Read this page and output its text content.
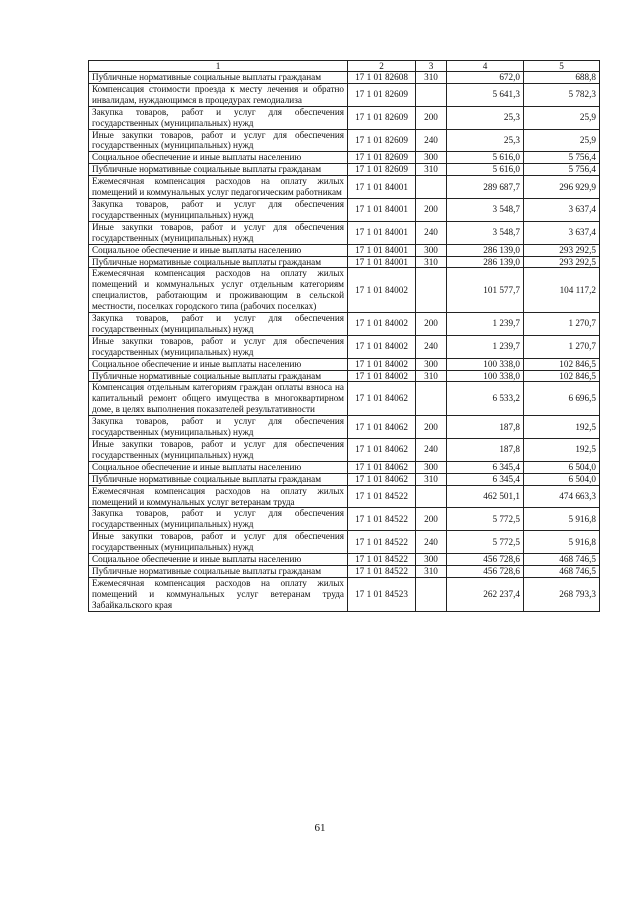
1	2	3	4	5
Публичные нормативные социальные выплаты гражданам	17 1 01 82608	310	672,0	688,8
Компенсация стоимости проезда к месту лечения и обратно инвалидам, нуждающимся в процедурах гемодиализа	17 1 01 82609		5 641,3	5 782,3
Закупка товаров, работ и услуг для обеспечения государственных (муниципальных) нужд	17 1 01 82609	200	25,3	25,9
Иные закупки товаров, работ и услуг для обеспечения государственных (муниципальных) нужд	17 1 01 82609	240	25,3	25,9
Социальное обеспечение и иные выплаты населению	17 1 01 82609	300	5 616,0	5 756,4
Публичные нормативные социальные выплаты гражданам	17 1 01 82609	310	5 616,0	5 756,4
Ежемесячная компенсация расходов на оплату жилых помещений и коммунальных услуг педагогическим работникам	17 1 01 84001		289 687,7	296 929,9
Закупка товаров, работ и услуг для обеспечения государственных (муниципальных) нужд	17 1 01 84001	200	3 548,7	3 637,4
Иные закупки товаров, работ и услуг для обеспечения государственных (муниципальных) нужд	17 1 01 84001	240	3 548,7	3 637,4
Социальное обеспечение и иные выплаты населению	17 1 01 84001	300	286 139,0	293 292,5
Публичные нормативные социальные выплаты гражданам	17 1 01 84001	310	286 139,0	293 292,5
Ежемесячная компенсация расходов на оплату жилых помещений и коммунальных услуг отдельным категориям специалистов, работающим и проживающим в сельской местности, поселках городского типа (рабочих поселках)	17 1 01 84002		101 577,7	104 117,2
Закупка товаров, работ и услуг для обеспечения государственных (муниципальных) нужд	17 1 01 84002	200	1 239,7	1 270,7
Иные закупки товаров, работ и услуг для обеспечения государственных (муниципальных) нужд	17 1 01 84002	240	1 239,7	1 270,7
Социальное обеспечение и иные выплаты населению	17 1 01 84002	300	100 338,0	102 846,5
Публичные нормативные социальные выплаты гражданам	17 1 01 84002	310	100 338,0	102 846,5
Компенсация отдельным категориям граждан оплаты взноса на капитальный ремонт общего имущества в многоквартирном доме, в целях выполнения показателей результативности	17 1 01 84062		6 533,2	6 696,5
Закупка товаров, работ и услуг для обеспечения государственных (муниципальных) нужд	17 1 01 84062	200	187,8	192,5
Иные закупки товаров, работ и услуг для обеспечения государственных (муниципальных) нужд	17 1 01 84062	240	187,8	192,5
Социальное обеспечение и иные выплаты населению	17 1 01 84062	300	6 345,4	6 504,0
Публичные нормативные социальные выплаты гражданам	17 1 01 84062	310	6 345,4	6 504,0
Ежемесячная компенсация расходов на оплату жилых помещений и коммунальных услуг ветеранам труда	17 1 01 84522		462 501,1	474 663,3
Закупка товаров, работ и услуг для обеспечения государственных (муниципальных) нужд	17 1 01 84522	200	5 772,5	5 916,8
Иные закупки товаров, работ и услуг для обеспечения государственных (муниципальных) нужд	17 1 01 84522	240	5 772,5	5 916,8
Социальное обеспечение и иные выплаты населению	17 1 01 84522	300	456 728,6	468 746,5
Публичные нормативные социальные выплаты гражданам	17 1 01 84522	310	456 728,6	468 746,5
Ежемесячная компенсация расходов на оплату жилых помещений и коммунальных услуг ветеранам труда Забайкальского края	17 1 01 84523		262 237,4	268 793,3
61
